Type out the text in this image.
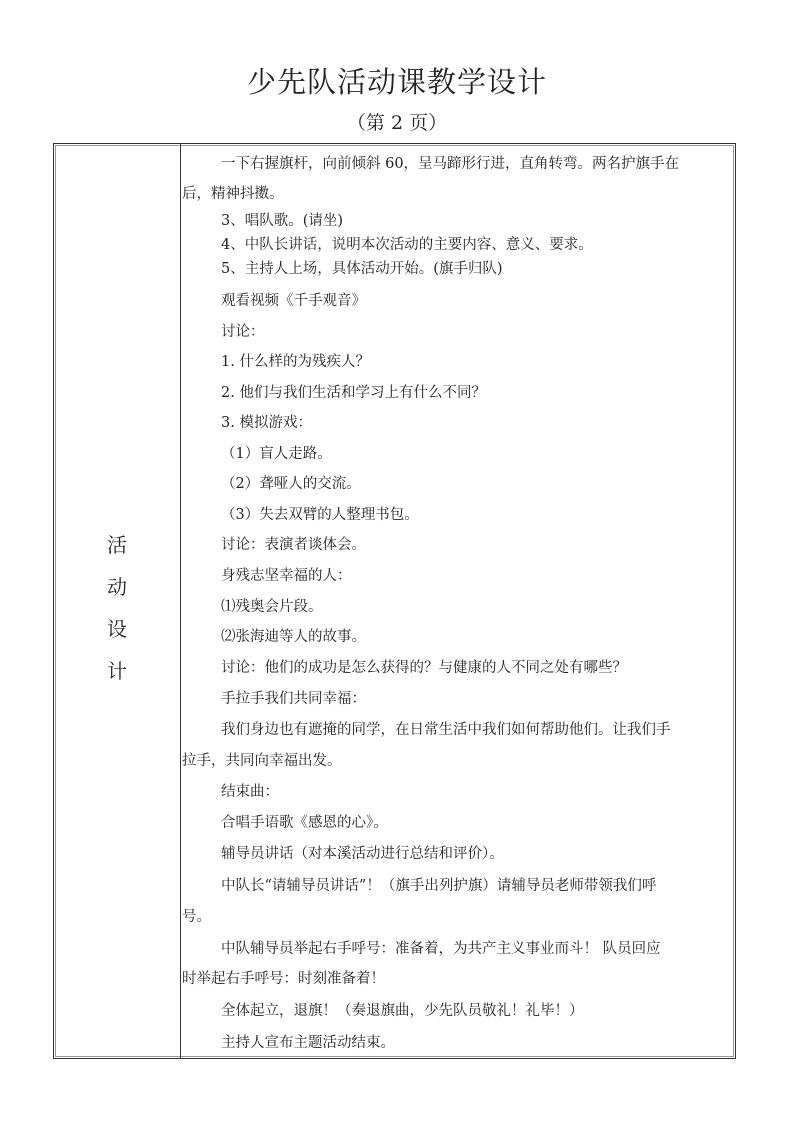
少先队活动课教学设计
（第 2 页）
活
动
设
计
一下右握旗杆，向前倾斜 60，呈马蹄形行进，直角转弯。两名护旗手在
后，精神抖擞。
3、唱队歌。(请坐)
4、中队长讲话，说明本次活动的主要内容、意义、要求。
5、主持人上场，具体活动开始。(旗手归队)
观看视频《千手观音》
讨论：
1. 什么样的为残疾人？
2. 他们与我们生活和学习上有什么不同？
3. 模拟游戏：
（1）盲人走路。
（2）聋哑人的交流。
（3）失去双臂的人整理书包。
讨论：表演者谈体会。
身残志坚幸福的人：
⑴残奥会片段。
⑵张海迪等人的故事。
讨论：他们的成功是怎么获得的？与健康的人不同之处有哪些？
手拉手我们共同幸福：
我们身边也有遮掩的同学，在日常生活中我们如何帮助他们。让我们手
拉手，共同向幸福出发。
结束曲：
合唱手语歌《感恩的心》。
辅导员讲话（对本溪活动进行总结和评价）。
中队长“请辅导员讲话”！（旗手出列护旗）请辅导员老师带领我们呼
号。
中队辅导员举起右手呼号：准备着，为共产主义事业而斗！ 队员回应
时举起右手呼号：时刻准备着！
全体起立，退旗！（奏退旗曲，少先队员敬礼！礼毕！）
主持人宣布主题活动结束。
